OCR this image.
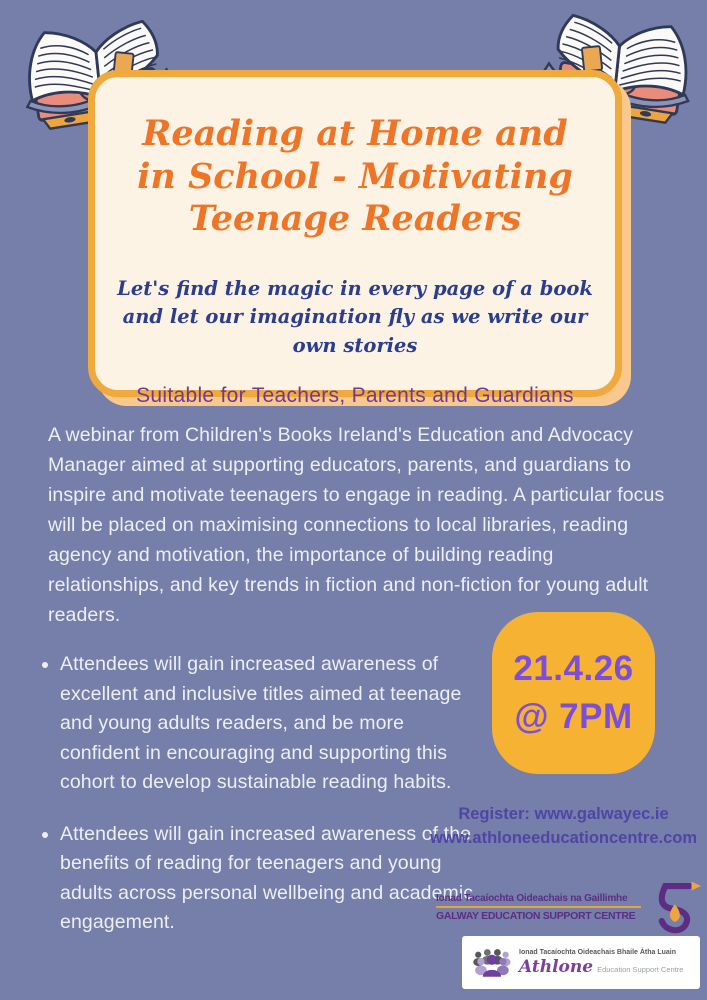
Reading at Home and in School - Motivating Teenage Readers

Let's find the magic in every page of a book and let our imagination fly as we write our own stories

Suitable for Teachers, Parents and Guardians

A webinar from Children's Books Ireland's Education and Advocacy Manager aimed at supporting educators, parents, and guardians to inspire and motivate teenagers to engage in reading. A particular focus will be placed on maximising connections to local libraries, reading agency and motivation, the importance of building reading relationships, and key trends in fiction and non-fiction for young adult readers.

• Attendees will gain increased awareness of excellent and inclusive titles aimed at teenage and young adults readers, and be more confident in encouraging and supporting this cohort to develop sustainable reading habits.
• Attendees will gain increased awareness of the benefits of reading for teenagers and young adults across personal wellbeing and academic engagement.
21.4.26
@ 7PM
Register: www.galwayec.ie
www.athloneeducationcentre.com
Ionad Tacaíochta Oideachais na Gaillimhe
GALWAY EDUCATION SUPPORT CENTRE
Ionad Tacaíochta Oideachais Bhaile Átha Luain
Athlone Education Support Centre
